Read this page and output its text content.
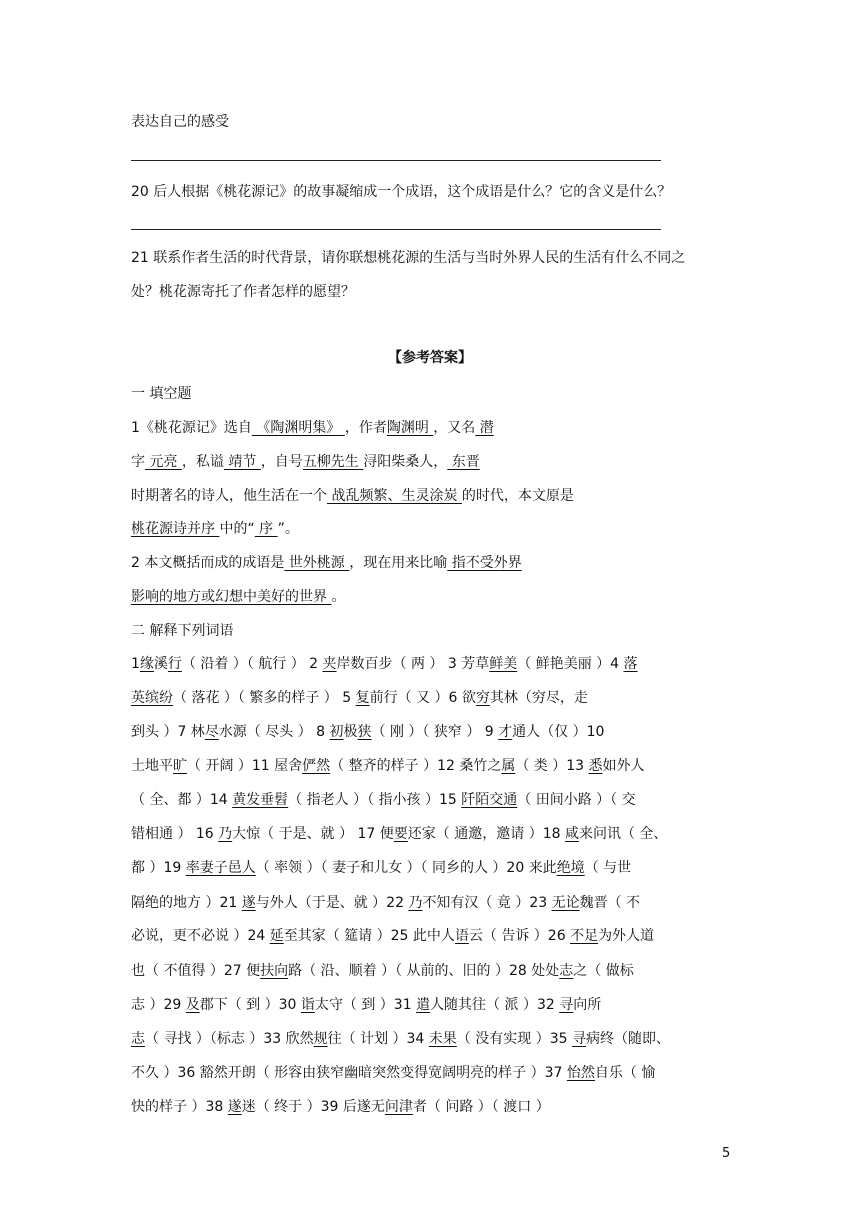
表达自己的感受
20 后人根据《桃花源记》的故事凝缩成一个成语，这个成语是什么？它的含义是什么？
21 联系作者生活的时代背景，请你联想桃花源的生活与当时外界人民的生活有什么不同之
处？桃花源寄托了作者怎样的愿望？
【参考答案】
一 填空题
1《桃花源记》选自 《陶渊明集》 ，作者陶渊明 ，又名 潜
字 元亮 ，私谥 靖节 ，自号五柳先生 浔阳柴桑人， 东晋
时期著名的诗人，他生活在一个 战乱频繁、生灵涂炭 的时代，本文原是
桃花源诗并序 中的“ 序 ”。
2 本文概括而成的成语是 世外桃源 ，现在用来比喻 指不受外界
影响的地方或幻想中美好的世界 。
二 解释下列词语
1缘溪行（ 沿着 ）（ 航行 ） 2 夹岸数百步（ 两 ） 3 芳草鲜美（ 鲜艳美丽 ）4 落
英缤纷（ 落花 ）（ 繁多的样子 ） 5 复前行（ 又 ）6 欲穷其林（穷尽，走
到头 ）7 林尽水源（ 尽头 ） 8 初极狭（ 刚 ）（ 狭窄 ） 9 才通人（仅 ）10
土地平旷（ 开阔 ）11 屋舍俨然（ 整齐的样子 ）12 桑竹之属（ 类 ）13 悉如外人
（ 全、都 ）14 黄发垂髫（ 指老人 ）（ 指小孩 ）15 阡陌交通（ 田间小路 ）（ 交
错相通 ） 16 乃大惊（ 于是、就 ） 17 便要还家（ 通邀，邀请 ）18 咸来问讯（ 全、
都 ）19 率妻子邑人（ 率领 ）（ 妻子和儿女 ）（ 同乡的人 ）20 来此绝境（ 与世
隔绝的地方 ）21 遂与外人（于是、就 ）22 乃不知有汉（ 竟 ）23 无论魏晋（ 不
必说，更不必说 ）24 延至其家（ 筵请 ）25 此中人语云（ 告诉 ）26 不足为外人道
也（ 不值得 ）27 便扶向路（ 沿、顺着 ）（ 从前的、旧的 ）28 处处志之（ 做标
志 ）29 及郡下（ 到 ）30 诣太守（ 到 ）31 遣人随其往（ 派 ）32 寻向所
志（ 寻找 ）（标志 ）33 欣然规往（ 计划 ）34 未果（ 没有实现 ）35 寻病终（随即、
不久 ）36 豁然开朗（ 形容由狭窄幽暗突然变得宽阔明亮的样子 ）37 怡然自乐（ 愉
快的样子 ）38 遂迷（ 终于 ）39 后遂无问津者（ 问路 ）（ 渡口 ）
5
